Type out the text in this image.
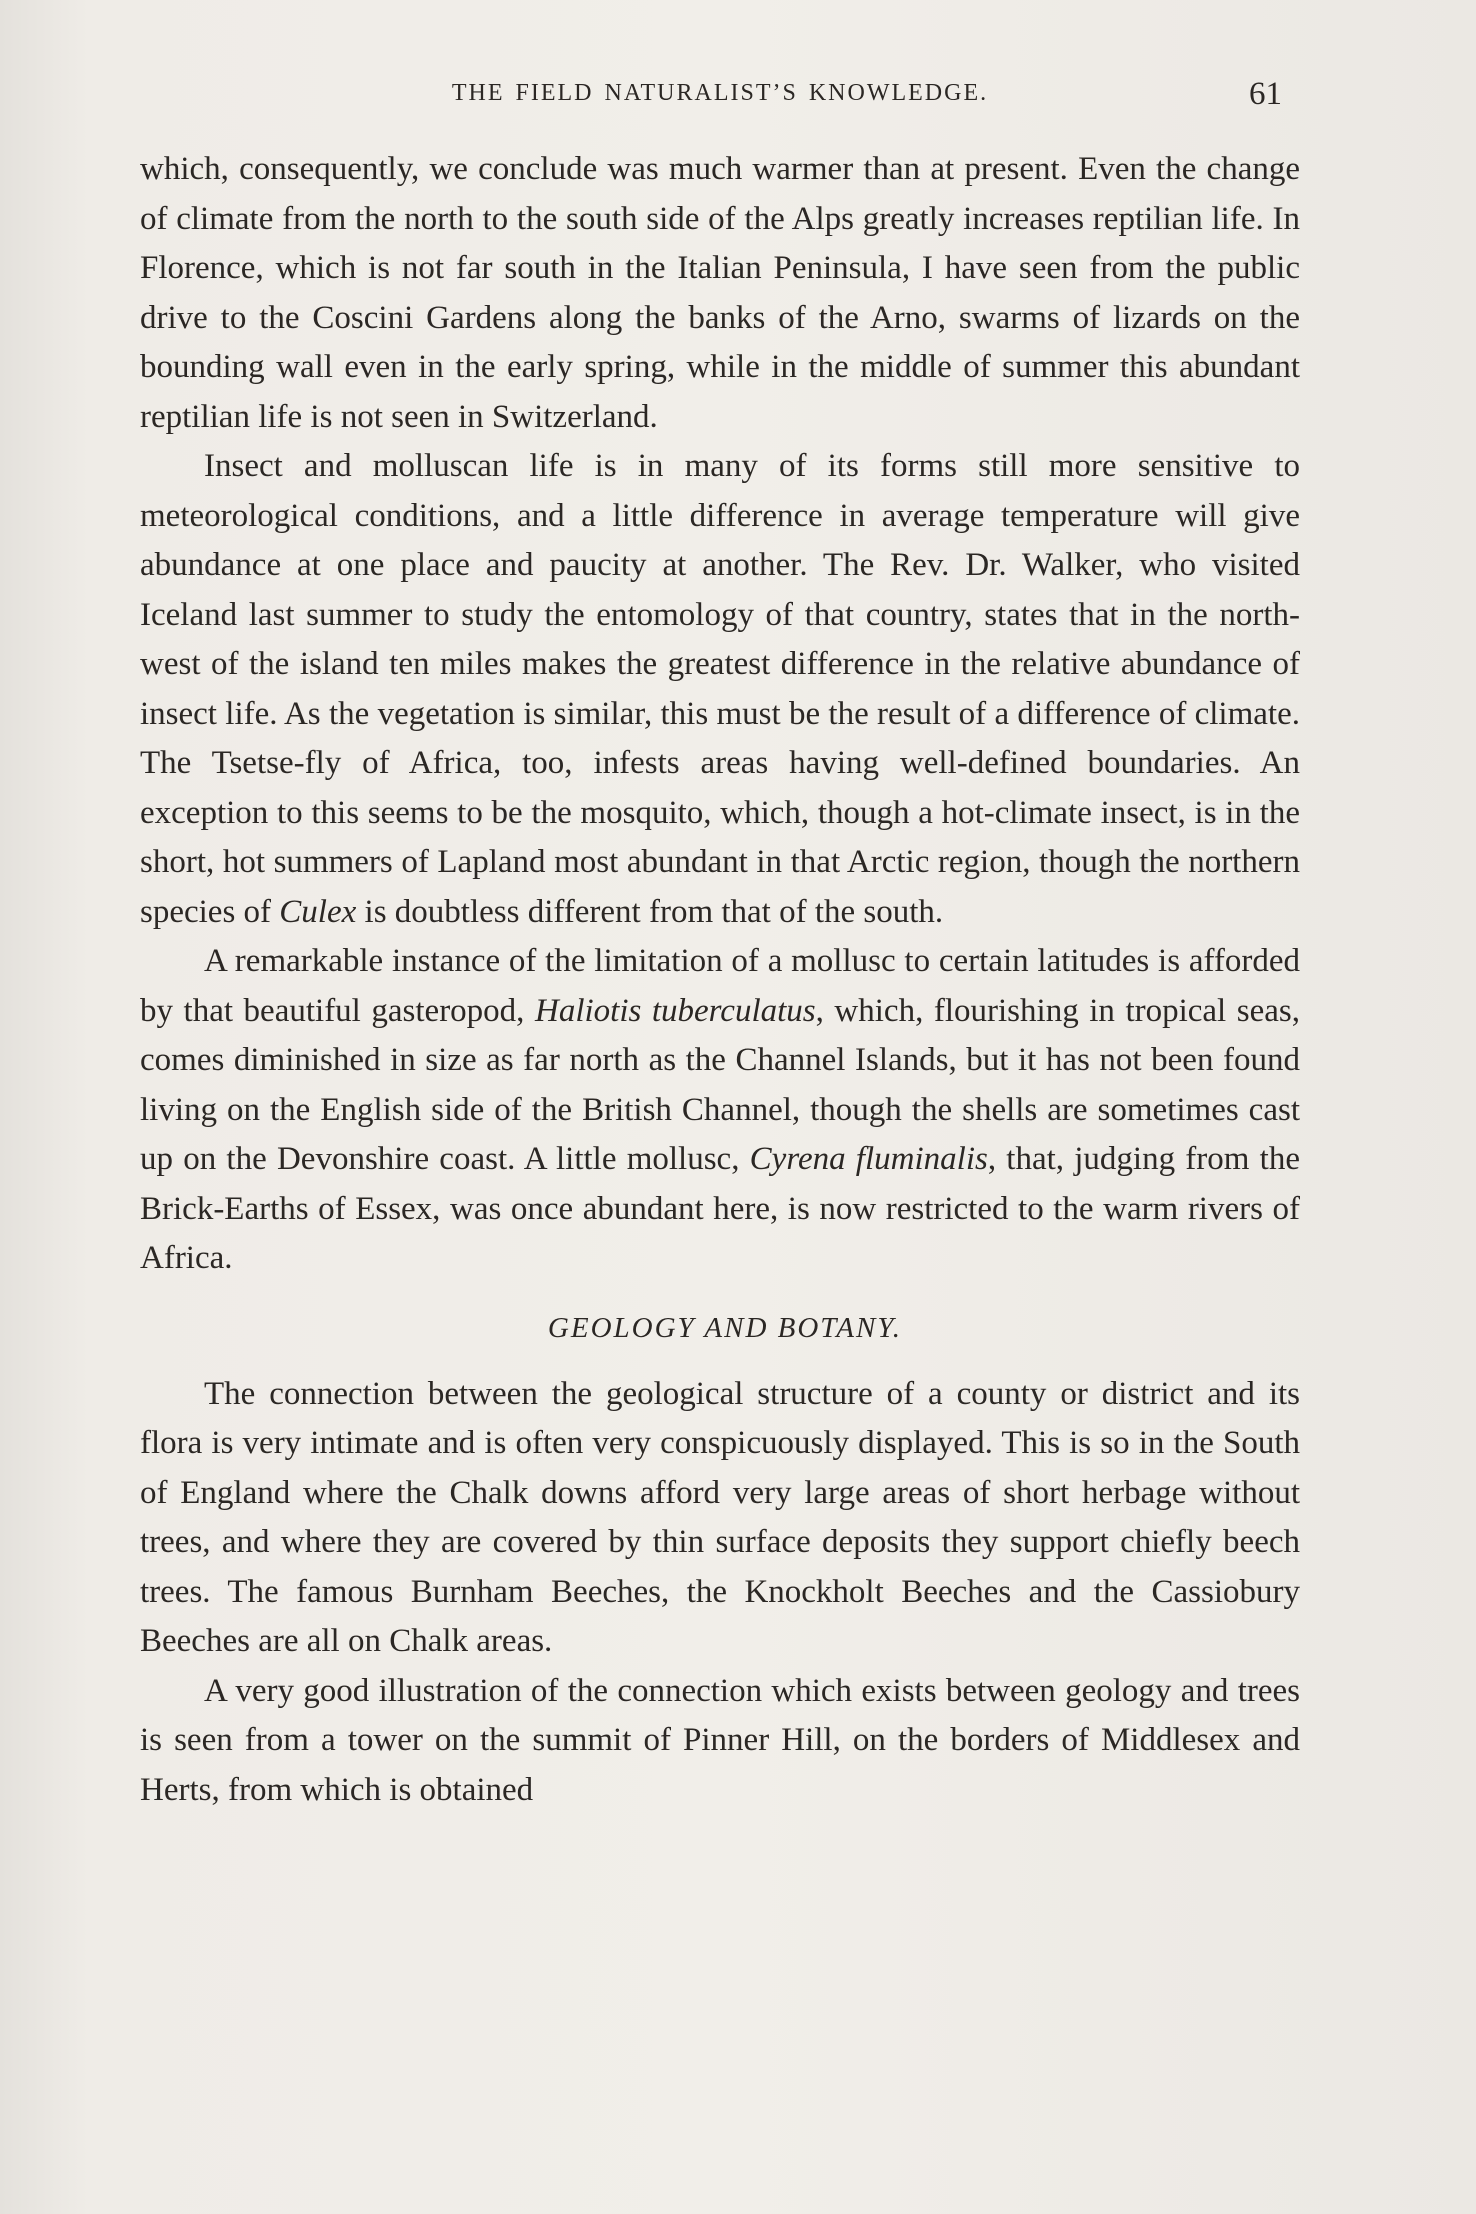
THE FIELD NATURALIST’S KNOWLEDGE.	61

which, consequently, we conclude was much warmer than at present. Even the change of climate from the north to the south side of the Alps greatly increases reptilian life. In Florence, which is not far south in the Italian Peninsula, I have seen from the public drive to the Coscini Gardens along the banks of the Arno, swarms of lizards on the bounding wall even in the early spring, while in the middle of summer this abundant reptilian life is not seen in Switzerland.

Insect and molluscan life is in many of its forms still more sensitive to meteorological conditions, and a little difference in average temperature will give abundance at one place and paucity at another. The Rev. Dr. Walker, who visited Iceland last summer to study the entomology of that country, states that in the north-west of the island ten miles makes the greatest difference in the relative abundance of insect life. As the vegetation is similar, this must be the result of a difference of climate. The Tsetse-fly of Africa, too, infests areas having well-defined boundaries. An exception to this seems to be the mosquito, which, though a hot-climate insect, is in the short, hot summers of Lapland most abundant in that Arctic region, though the northern species of Culex is doubtless different from that of the south.

A remarkable instance of the limitation of a mollusc to certain latitudes is afforded by that beautiful gasteropod, Haliotis tuberculatus, which, flourishing in tropical seas, comes diminished in size as far north as the Channel Islands, but it has not been found living on the English side of the British Channel, though the shells are sometimes cast up on the Devonshire coast. A little mollusc, Cyrena fluminalis, that, judging from the Brick-Earths of Essex, was once abundant here, is now restricted to the warm rivers of Africa.

GEOLOGY AND BOTANY.

The connection between the geological structure of a county or district and its flora is very intimate and is often very conspicuously displayed. This is so in the South of England where the Chalk downs afford very large areas of short herbage without trees, and where they are covered by thin surface deposits they support chiefly beech trees. The famous Burnham Beeches, the Knockholt Beeches and the Cassiobury Beeches are all on Chalk areas.

A very good illustration of the connection which exists between geology and trees is seen from a tower on the summit of Pinner Hill, on the borders of Middlesex and Herts, from which is obtained
